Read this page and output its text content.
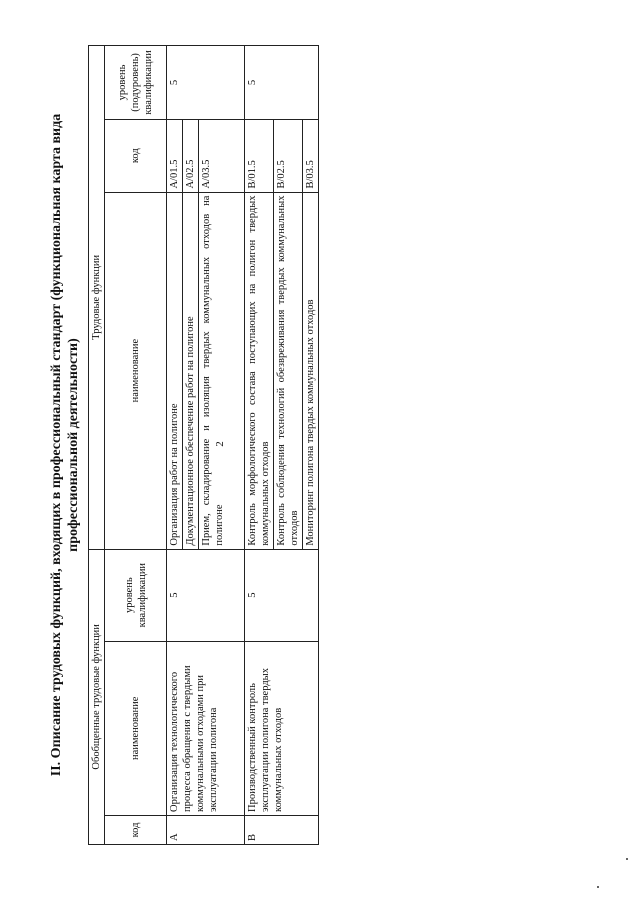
2
II. Описание трудовых функций, входящих в профессиональный стандарт (функциональная карта вида профессиональной деятельности)
Обобщенные трудовые функции			Трудовые функции		
код	наименование	уровень квалификации	наименование	код	уровень (подуровень) квалификации
A	Организация технологического процесса обращения с твердыми коммунальными отходами при эксплуатации полигона	5	Организация работ на полигоне	A/01.5	5
			Документационное обеспечение работ на полигоне	A/02.5	
			Прием, складирование и изоляция твердых коммунальных отходов на полигоне	A/03.5	
B	Производственный контроль эксплуатации полигона твердых коммунальных отходов	5	Контроль морфологического состава поступающих на полигон твердых коммунальных отходов	B/01.5	5
			Контроль соблюдения технологий обезвреживания твердых коммунальных отходов	B/02.5	
			Мониторинг полигона твердых коммунальных отходов	B/03.5	
